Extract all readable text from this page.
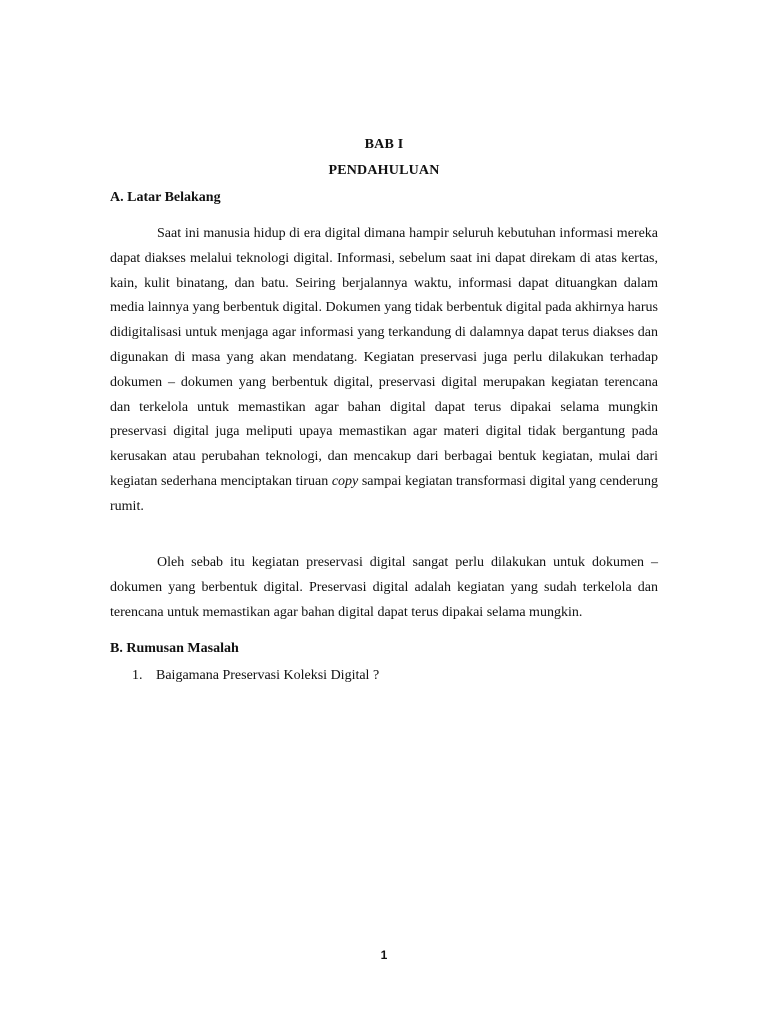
BAB I
PENDAHULUAN
A. Latar Belakang

Saat ini manusia hidup di era digital dimana hampir seluruh kebutuhan informasi mereka dapat diakses melalui teknologi digital. Informasi, sebelum saat ini dapat direkam di atas kertas, kain, kulit binatang, dan batu. Seiring berjalannya waktu, informasi dapat dituangkan dalam media lainnya yang berbentuk digital. Dokumen yang tidak berbentuk digital pada akhirnya harus didigitalisasi untuk menjaga agar informasi yang terkandung di dalamnya dapat terus diakses dan digunakan di masa yang akan mendatang. Kegiatan preservasi juga perlu dilakukan terhadap dokumen – dokumen yang berbentuk digital, preservasi digital merupakan kegiatan terencana dan terkelola untuk memastikan agar bahan digital dapat terus dipakai selama mungkin preservasi digital juga meliputi upaya memastikan agar materi digital tidak bergantung pada kerusakan atau perubahan teknologi, dan mencakup dari berbagai bentuk kegiatan, mulai dari kegiatan sederhana menciptakan tiruan copy sampai kegiatan transformasi digital yang cenderung rumit.

Oleh sebab itu kegiatan preservasi digital sangat perlu dilakukan untuk dokumen – dokumen yang berbentuk digital. Preservasi digital adalah kegiatan yang sudah terkelola dan terencana untuk memastikan agar bahan digital dapat terus dipakai selama mungkin.

B. Rumusan Masalah
1. Baigamana Preservasi Koleksi Digital ?
1
